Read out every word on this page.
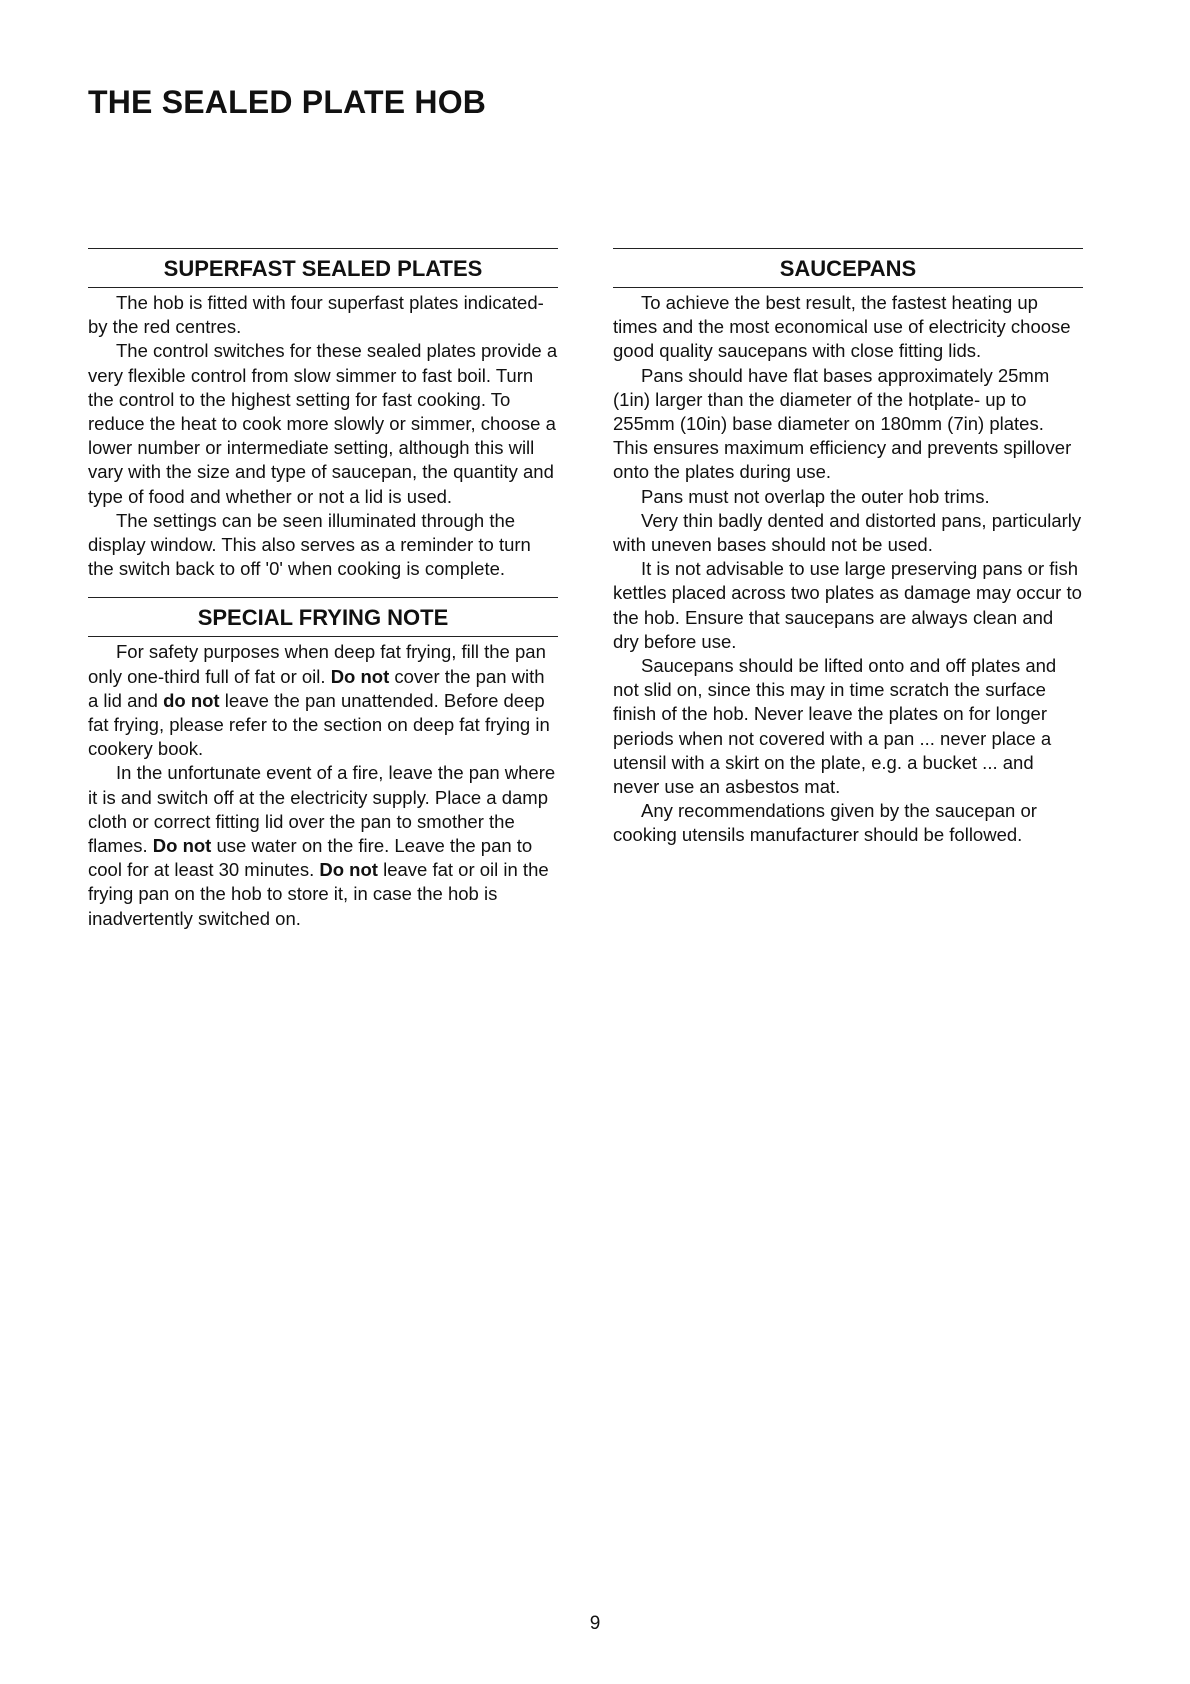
THE SEALED PLATE HOB
SUPERFAST SEALED PLATES

The hob is fitted with four superfast plates indicated-by the red centres.

The control switches for these sealed plates provide a very flexible control from slow simmer to fast boil. Turn the control to the highest setting for fast cooking. To reduce the heat to cook more slowly or simmer, choose a lower number or intermediate setting, although this will vary with the size and type of saucepan, the quantity and type of food and whether or not a lid is used.

The settings can be seen illuminated through the display window. This also serves as a reminder to turn the switch back to off '0' when cooking is complete.

SPECIAL FRYING NOTE

For safety purposes when deep fat frying, fill the pan only one-third full of fat or oil. Do not cover the pan with a lid and do not leave the pan unattended. Before deep fat frying, please refer to the section on deep fat frying in cookery book.

In the unfortunate event of a fire, leave the pan where it is and switch off at the electricity supply. Place a damp cloth or correct fitting lid over the pan to smother the flames. Do not use water on the fire. Leave the pan to cool for at least 30 minutes. Do not leave fat or oil in the frying pan on the hob to store it, in case the hob is inadvertently switched on.

SAUCEPANS

To achieve the best result, the fastest heating up times and the most economical use of electricity choose good quality saucepans with close fitting lids.

Pans should have flat bases approximately 25mm (1in) larger than the diameter of the hotplate- up to 255mm (10in) base diameter on 180mm (7in) plates. This ensures maximum efficiency and prevents spillover onto the plates during use.

Pans must not overlap the outer hob trims.

Very thin badly dented and distorted pans, particularly with uneven bases should not be used.

It is not advisable to use large preserving pans or fish kettles placed across two plates as damage may occur to the hob. Ensure that saucepans are always clean and dry before use.

Saucepans should be lifted onto and off plates and not slid on, since this may in time scratch the surface finish of the hob. Never leave the plates on for longer periods when not covered with a pan ... never place a utensil with a skirt on the plate, e.g. a bucket ... and never use an asbestos mat.

Any recommendations given by the saucepan or cooking utensils manufacturer should be followed.

9
